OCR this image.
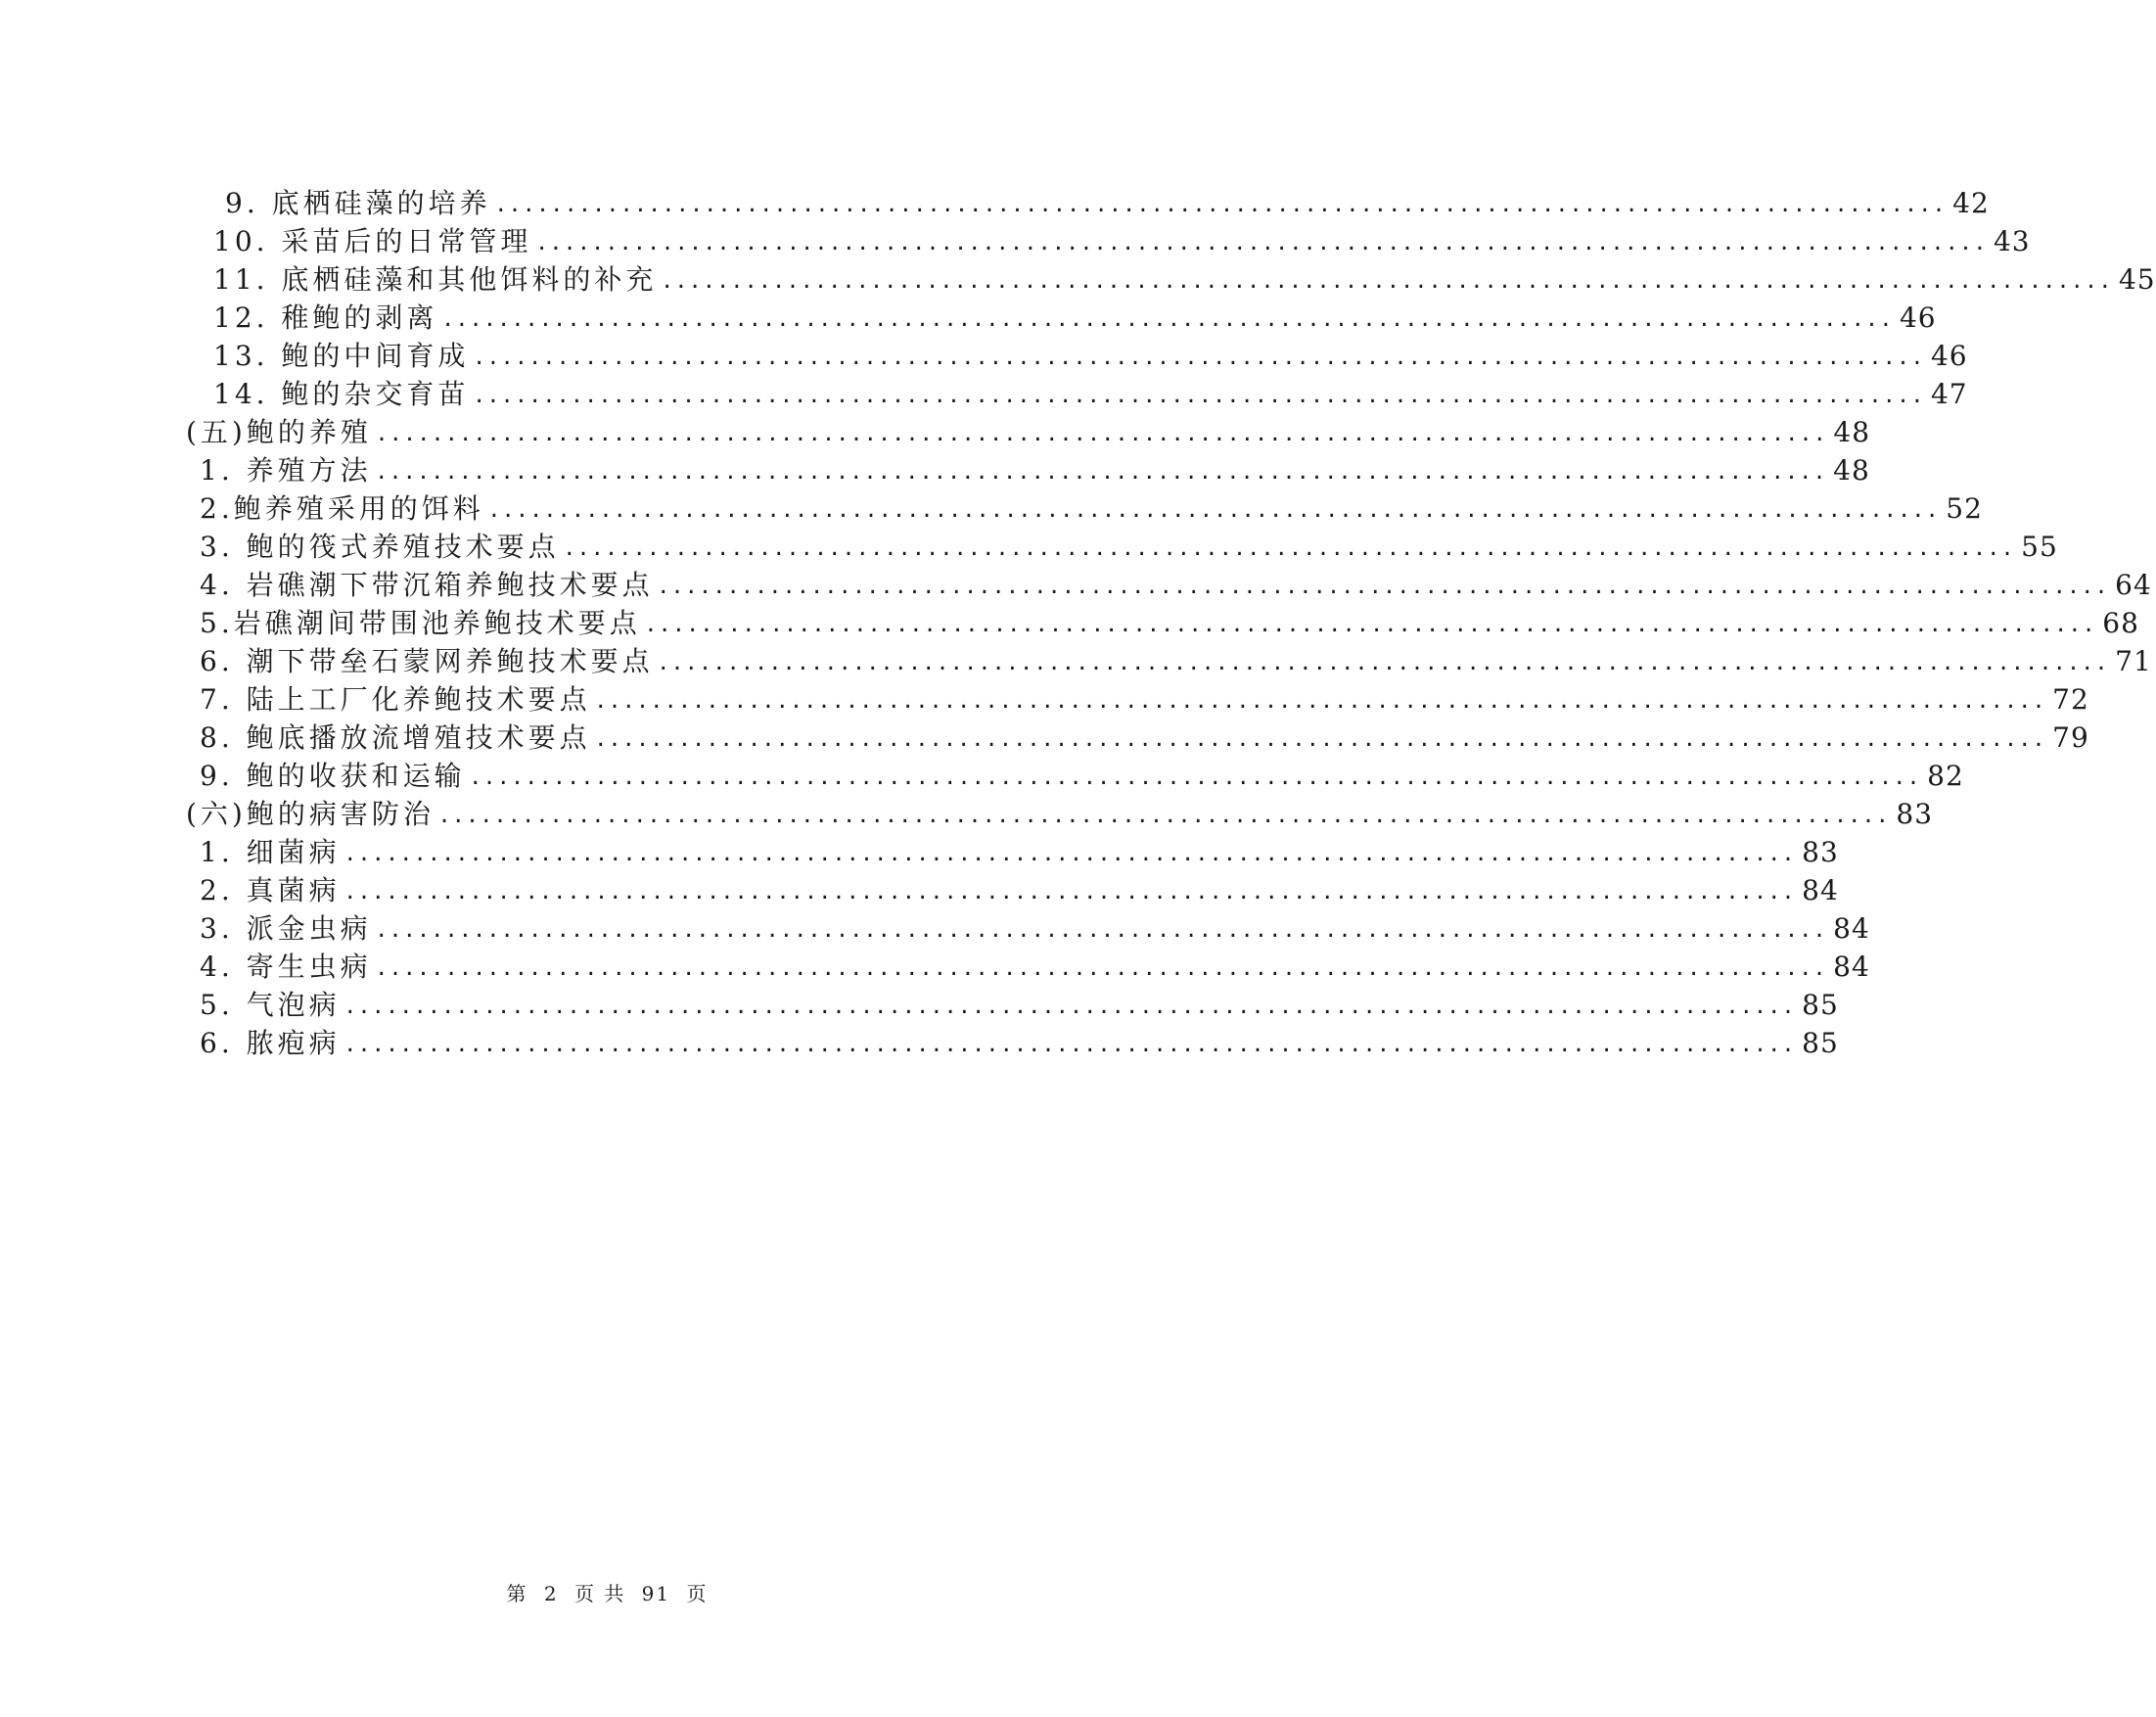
9. 底栖硅藻的培养 ........................................................................................................ 42
10. 采苗后的日常管理 ........................................................................................................ 43
11. 底栖硅藻和其他饵料的补充 ........................................................................................................ 45
12. 稚鲍的剥离 ........................................................................................................ 46
13. 鲍的中间育成 ........................................................................................................ 46
14. 鲍的杂交育苗 ........................................................................................................ 47
(五)鲍的养殖 ........................................................................................................ 48
1. 养殖方法 ........................................................................................................ 48
2.鲍养殖采用的饵料 ........................................................................................................ 52
3. 鲍的筏式养殖技术要点 ........................................................................................................ 55
4. 岩礁潮下带沉箱养鲍技术要点 ........................................................................................................ 64
5.岩礁潮间带围池养鲍技术要点 ........................................................................................................ 68
6. 潮下带垒石蒙网养鲍技术要点 ........................................................................................................ 71
7. 陆上工厂化养鲍技术要点 ........................................................................................................ 72
8. 鲍底播放流增殖技术要点 ........................................................................................................ 79
9. 鲍的收获和运输 ........................................................................................................ 82
(六)鲍的病害防治 ........................................................................................................ 83
1. 细菌病 ........................................................................................................ 83
2. 真菌病 ........................................................................................................ 84
3. 派金虫病 ........................................................................................................ 84
4. 寄生虫病 ........................................................................................................ 84
5. 气泡病 ........................................................................................................ 85
6. 脓疱病 ........................................................................................................ 85
第 2 页 共 91 页
